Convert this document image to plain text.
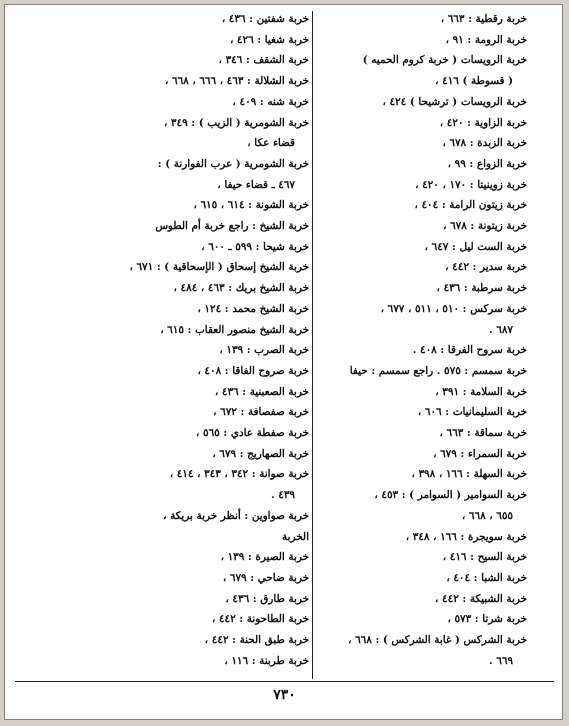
خربة رقطية : ٦٦٣ ،
خربة الرومة : ٩١ ،
خربة الرويسات ( خربة كروم الحميه )
( قسوطة ) ٤١٦ ،
خربة الرويسات ( ترشيحا ) ٤٢٤ ،
خربة الزاوية : ٤٢٠ ،
خربة الزبدة : ٦٧٨ ،
خربة الزواع : ٩٩ ،
خربة زوينيتا : ١٧٠ ، ٤٢٠ ،
خربة زيتون الرامة : ٤٠٤ ،
خربة زيتونة : ٦٧٨ ،
خربة الست ليل : ٦٤٧ ،
خربة سدير : ٤٤٢ ،
خربة سرطبة : ٤٣٦ ،
خربة سركس : ٥١٠ ، ٥١١ ، ٦٧٧ ،
٦٨٧ .
خربة سروح الفرقا : ٤٠٨ .
خربة سمسم : ٥٧٥ . راجع سمسم : حيفا
خربة السلامة : ٣٩١ ،
خربة السليمانيات : ٦٠٦ ،
خربة سماقة : ٦٦٣ ،
خربة السمراء : ٦٧٩ ،
خربة السهلة : ١٦٦ ، ٣٩٨ ،
خربة السوامير ( السوامر ) : ٤٥٣ ،
٦٥٥ ، ٦٦٨ ،
خربة سويجرة : ١٦٦ ، ٣٤٨ ،
خربة السيح : ٤١٦ ،
خربة الشبا : ٤٠٤ ،
خربة الشبيكة : ٤٤٢ ،
خربة شرتا : ٥٧٣ ،
خربة الشركس ( غابة الشركس ) : ٦٦٨ ،
٦٦٩ .
خربة شفتين : ٤٣٦ ،
خربة شغيا : ٤٢٦ ،
خربة الشقف : ٣٤٦ ،
خربة الشلالة : ٤٦٣ ، ٦٦٦ ، ٦٦٨ ،
خربة شنه : ٤٠٩ ،
خربة الشومرية ( الزيب ) : ٣٤٩ ،
قضاء عكا ،
خربة الشومرية ( عرب الفوارنة ) :
٤٦٧ ـ قضاء حيفا ،
خربة الشونة : ٦١٤ ، ٦١٥ ،
خربة الشيخ : راجع خربة أم الطوس
خربة شيحا : ٥٩٩ ـ ٦٠٠ ،
خربة الشيخ إسحاق ( الإسحاقية ) : ٦٧١ ،
خربة الشيخ بريك : ٤٦٣ ، ٤٨٤ ،
خربة الشيخ محمد : ١٢٤ ،
خربة الشيخ منصور العقاب : ٦١٥ ،
خربة الصرب : ١٣٩ ،
خربة صروح الفاقا : ٤٠٨ ،
خربة الصعبنية : ٤٣٦ ،
خربة صفصافة : ٦٧٢ ،
خربة صفطة عادي : ٥٦٥ ،
خربة الصهاريج : ٦٧٩ ،
خربة صوانة : ٣٤٢ ، ٣٤٣ ، ٤١٤ ،
٤٣٩ .
خربة صواوين : أنظر خربة بريكة ،
الخربة
خربة الصيرة : ١٣٩ ،
خربة ضاحي : ٦٧٩ ،
خربة طارق : ٤٣٦ ،
خربة الطاحونة : ٤٤٢ ،
خربة طبق الحنة : ٤٤٢ ،
خربة طربنة : ١١٦ ،
٧٣٠
